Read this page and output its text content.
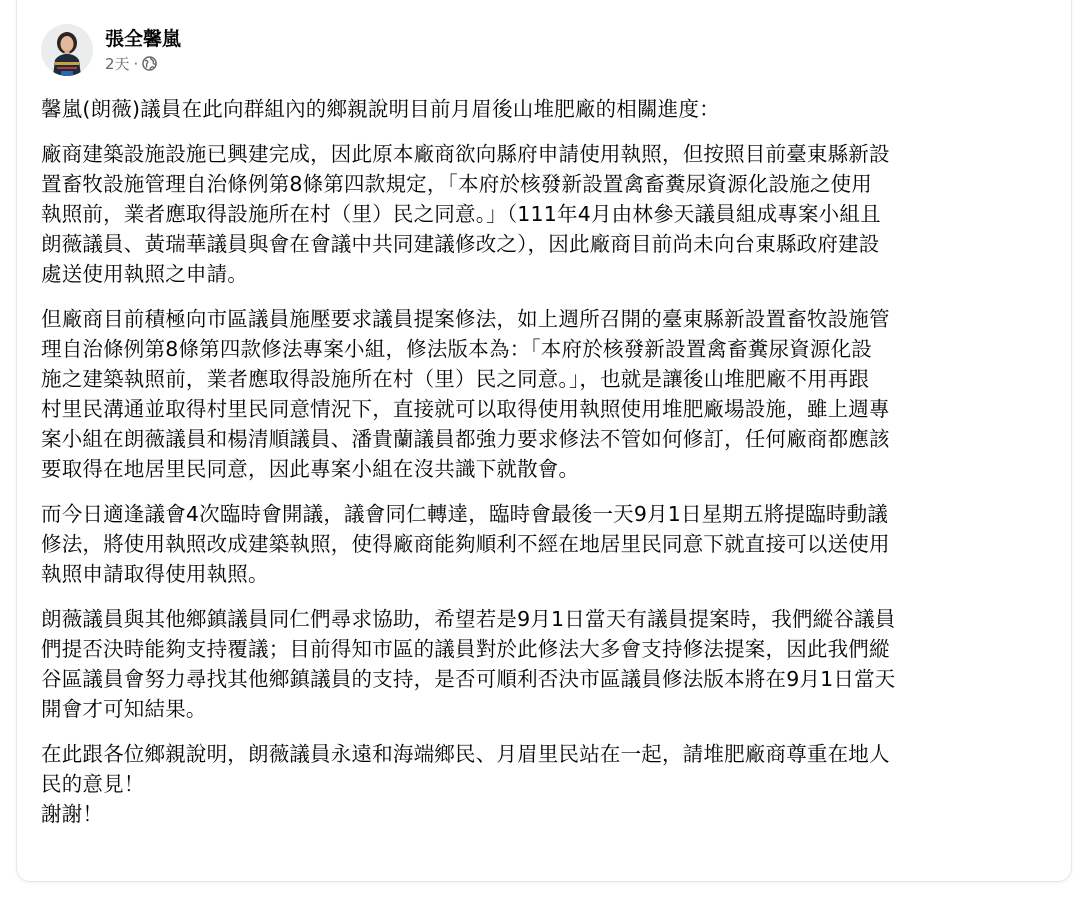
張全馨嵐
2天 ·

馨嵐(朗薇)議員在此向群組內的鄉親說明目前月眉後山堆肥廠的相關進度：

廠商建築設施設施已興建完成，因此原本廠商欲向縣府申請使用執照，但按照目前臺東縣新設
置畜牧設施管理自治條例第8條第四款規定，「本府於核發新設置禽畜糞尿資源化設施之使用
執照前，業者應取得設施所在村（里）民之同意。」（111年4月由林參天議員組成專案小組且
朗薇議員、黃瑞華議員與會在會議中共同建議修改之），因此廠商目前尚未向台東縣政府建設
處送使用執照之申請。

但廠商目前積極向市區議員施壓要求議員提案修法，如上週所召開的臺東縣新設置畜牧設施管
理自治條例第8條第四款修法專案小組，修法版本為：「本府於核發新設置禽畜糞尿資源化設
施之建築執照前，業者應取得設施所在村（里）民之同意。」，也就是讓後山堆肥廠不用再跟
村里民溝通並取得村里民同意情況下，直接就可以取得使用執照使用堆肥廠場設施，雖上週專
案小組在朗薇議員和楊清順議員、潘貴蘭議員都強力要求修法不管如何修訂，任何廠商都應該
要取得在地居里民同意，因此專案小組在沒共識下就散會。

而今日適逢議會4次臨時會開議，議會同仁轉達，臨時會最後一天9月1日星期五將提臨時動議
修法，將使用執照改成建築執照，使得廠商能夠順利不經在地居里民同意下就直接可以送使用
執照申請取得使用執照。

朗薇議員與其他鄉鎮議員同仁們尋求協助，希望若是9月1日當天有議員提案時，我們縱谷議員
們提否決時能夠支持覆議；目前得知市區的議員對於此修法大多會支持修法提案，因此我們縱
谷區議員會努力尋找其他鄉鎮議員的支持，是否可順利否決市區議員修法版本將在9月1日當天
開會才可知結果。

在此跟各位鄉親說明，朗薇議員永遠和海端鄉民、月眉里民站在一起，請堆肥廠商尊重在地人
民的意見！
謝謝！
